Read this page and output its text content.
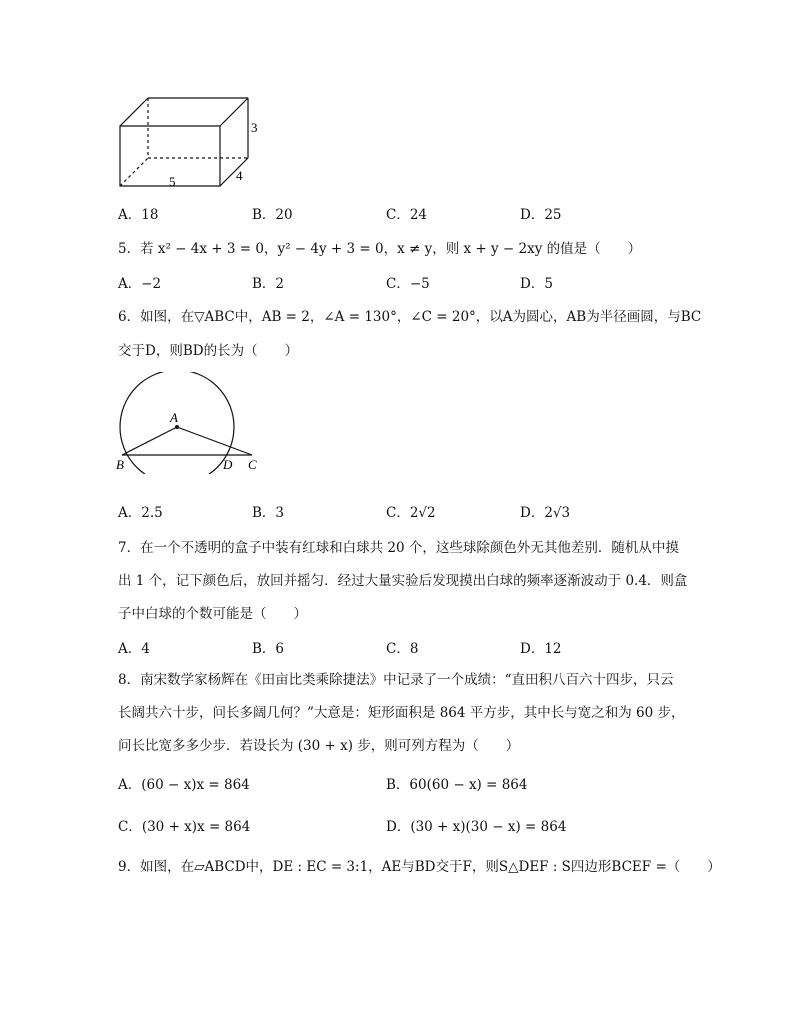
3
4
5
A．18	B．20	C．24	D．25
5．若 x² − 4x + 3 = 0，y² − 4y + 3 = 0，x ≠ y，则 x + y − 2xy 的值是（　　）
A．−2	B．2	C．−5	D．5
6．如图，在▽ABC中，AB = 2，∠A = 130°，∠C = 20°，以A为圆心，AB为半径画圆，与BC
交于D，则BD的长为（　　）
A
B	D C
A．2.5	B．3	C．2√2	D．2√3
7．在一个不透明的盒子中装有红球和白球共 20 个，这些球除颜色外无其他差别．随机从中摸
出 1 个，记下颜色后，放回并摇匀．经过大量实验后发现摸出白球的频率逐渐波动于 0.4．则盒
子中白球的个数可能是（　　）
A．4	B．6	C．8	D．12
8．南宋数学家杨辉在《田亩比类乘除捷法》中记录了一个成绩：“直田积八百六十四步，只云
长阔共六十步，问长多阔几何？”大意是：矩形面积是 864 平方步，其中长与宽之和为 60 步，
问长比宽多多少步．若设长为 (30 + x) 步，则可列方程为（　　）
A．(60 − x)x = 864	B．60(60 − x) = 864
C．(30 + x)x = 864	D．(30 + x)(30 − x) = 864
9．如图，在▱ABCD中，DE : EC = 3:1，AE与BD交于F，则S△DEF : S四边形BCEF =（　　）
